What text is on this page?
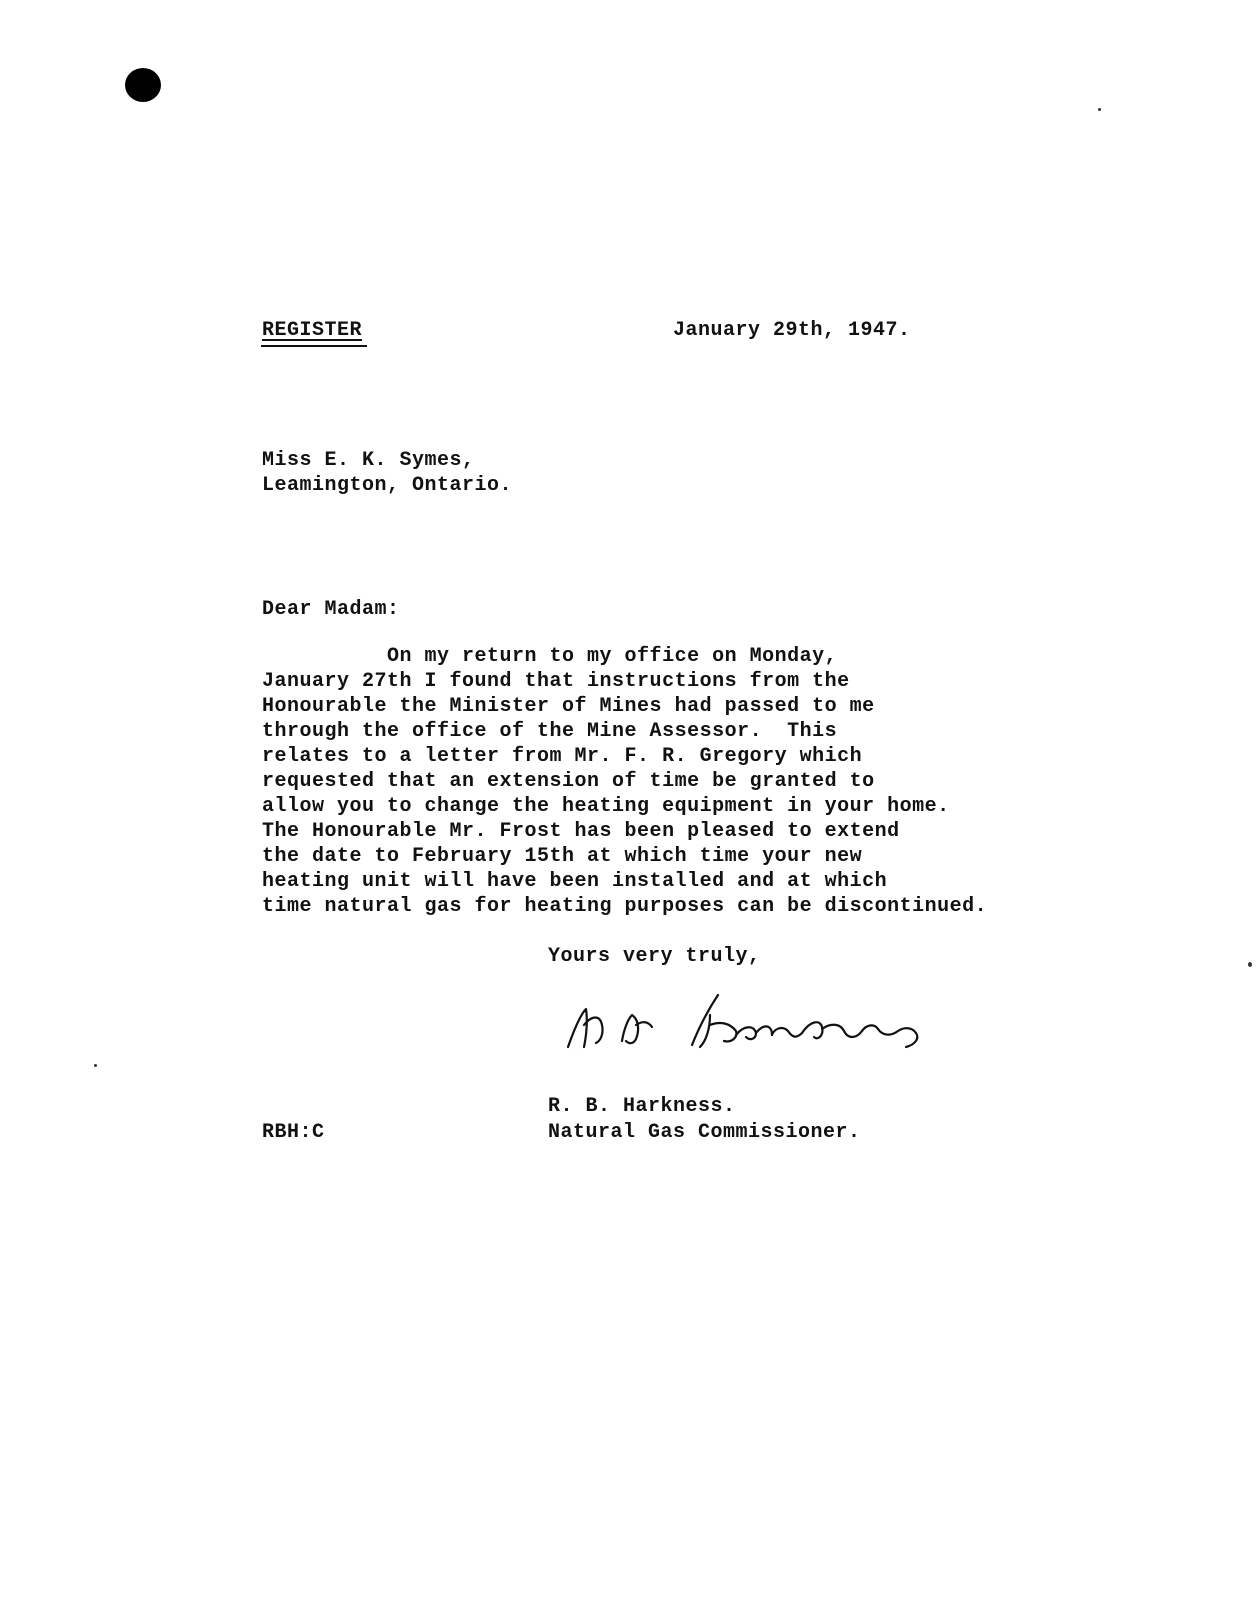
REGISTER	January 29th, 1947.
Miss E. K. Symes,
Leamington, Ontario.
Dear Madam:
On my return to my office on Monday,
January 27th I found that instructions from the
Honourable the Minister of Mines had passed to me
through the office of the Mine Assessor.  This
relates to a letter from Mr. F. R. Gregory which
requested that an extension of time be granted to
allow you to change the heating equipment in your home.
The Honourable Mr. Frost has been pleased to extend
the date to February 15th at which time your new
heating unit will have been installed and at which
time natural gas for heating purposes can be discontinued.
Yours very truly,
R. B. Harkness.
RBH:C	Natural Gas Commissioner.
